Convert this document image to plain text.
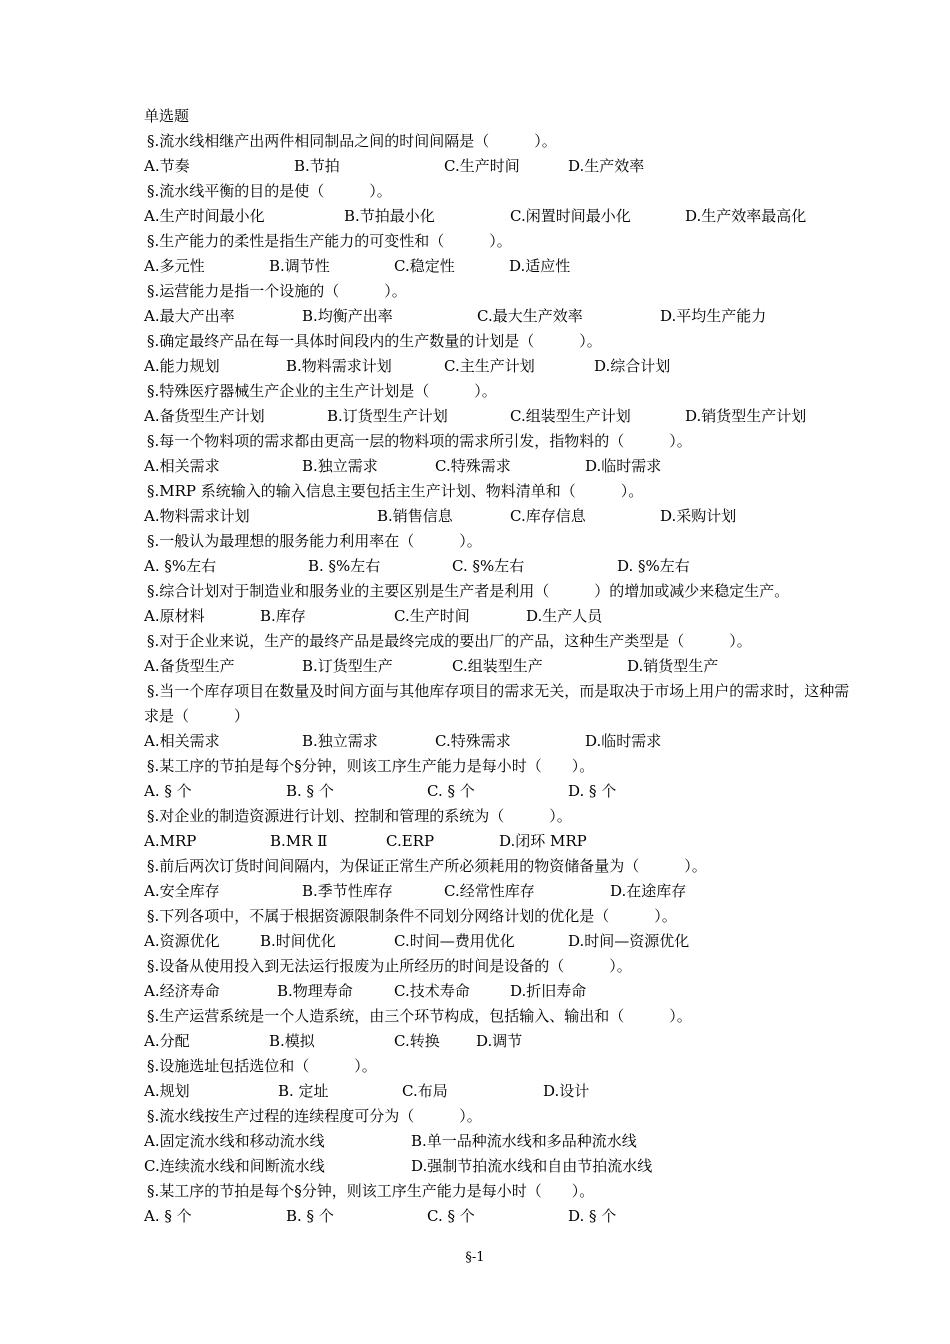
单选题
§.流水线相继产出两件相同制品之间的时间间隔是（　　　）。
A.节奏	B.节拍	C.生产时间	D.生产效率
§.流水线平衡的目的是使（　　　）。
A.生产时间最小化	B.节拍最小化	C.闲置时间最小化	D.生产效率最高化
§.生产能力的柔性是指生产能力的可变性和（　　　）。
A.多元性	B.调节性	C.稳定性	D.适应性
§.运营能力是指一个设施的（　　　）。
A.最大产出率	B.均衡产出率	C.最大生产效率	D.平均生产能力
§.确定最终产品在每一具体时间段内的生产数量的计划是（　　　）。
A.能力规划	B.物料需求计划	C.主生产计划	D.综合计划
§.特殊医疗器械生产企业的主生产计划是（　　　）。
A.备货型生产计划	B.订货型生产计划	C.组装型生产计划	D.销货型生产计划
§.每一个物料项的需求都由更高一层的物料项的需求所引发，指物料的（　　　）。
A.相关需求	B.独立需求	C.特殊需求	D.临时需求
§.MRP 系统输入的输入信息主要包括主生产计划、物料清单和（　　　）。
A.物料需求计划	B.销售信息	C.库存信息	D.采购计划
§.一般认为最理想的服务能力利用率在（　　　）。
A. §%左右	B. §%左右	C. §%左右	D. §%左右
§.综合计划对于制造业和服务业的主要区别是生产者是利用（　　　）的增加或减少来稳定生产。
A.原材料	B.库存	C.生产时间	D.生产人员
§.对于企业来说，生产的最终产品是最终完成的要出厂的产品，这种生产类型是（　　　）。
A.备货型生产	B.订货型生产	C.组装型生产	D.销货型生产
§.当一个库存项目在数量及时间方面与其他库存项目的需求无关，而是取决于市场上用户的需求时，这种需求是（　　　）
A.相关需求	B.独立需求	C.特殊需求	D.临时需求
§.某工序的节拍是每个§分钟，则该工序生产能力是每小时（　　）。
A. § 个	B. § 个	C. § 个	D. § 个
§.对企业的制造资源进行计划、控制和管理的系统为（　　　）。
A.MRP	B.MR Ⅱ	C.ERP	D.闭环 MRP
§.前后两次订货时间间隔内，为保证正常生产所必须耗用的物资储备量为（　　　）。
A.安全库存	B.季节性库存	C.经常性库存	D.在途库存
§.下列各项中，不属于根据资源限制条件不同划分网络计划的优化是（　　　）。
A.资源优化	B.时间优化	C.时间—费用优化	D.时间—资源优化
§.设备从使用投入到无法运行报废为止所经历的时间是设备的（　　　）。
A.经济寿命	B.物理寿命	C.技术寿命	D.折旧寿命
§.生产运营系统是一个人造系统，由三个环节构成，包括输入、输出和（　　　）。
A.分配	B.模拟	C.转换 D.调节
§.设施选址包括选位和（　　　）。
A.规划	B. 定址	C.布局	D.设计
§.流水线按生产过程的连续程度可分为（　　　）。
A.固定流水线和移动流水线	B.单一品种流水线和多品种流水线
C.连续流水线和间断流水线	D.强制节拍流水线和自由节拍流水线
§.某工序的节拍是每个§分钟，则该工序生产能力是每小时（　　）。
A. § 个	B. § 个	C. § 个	D. § 个
§-1
